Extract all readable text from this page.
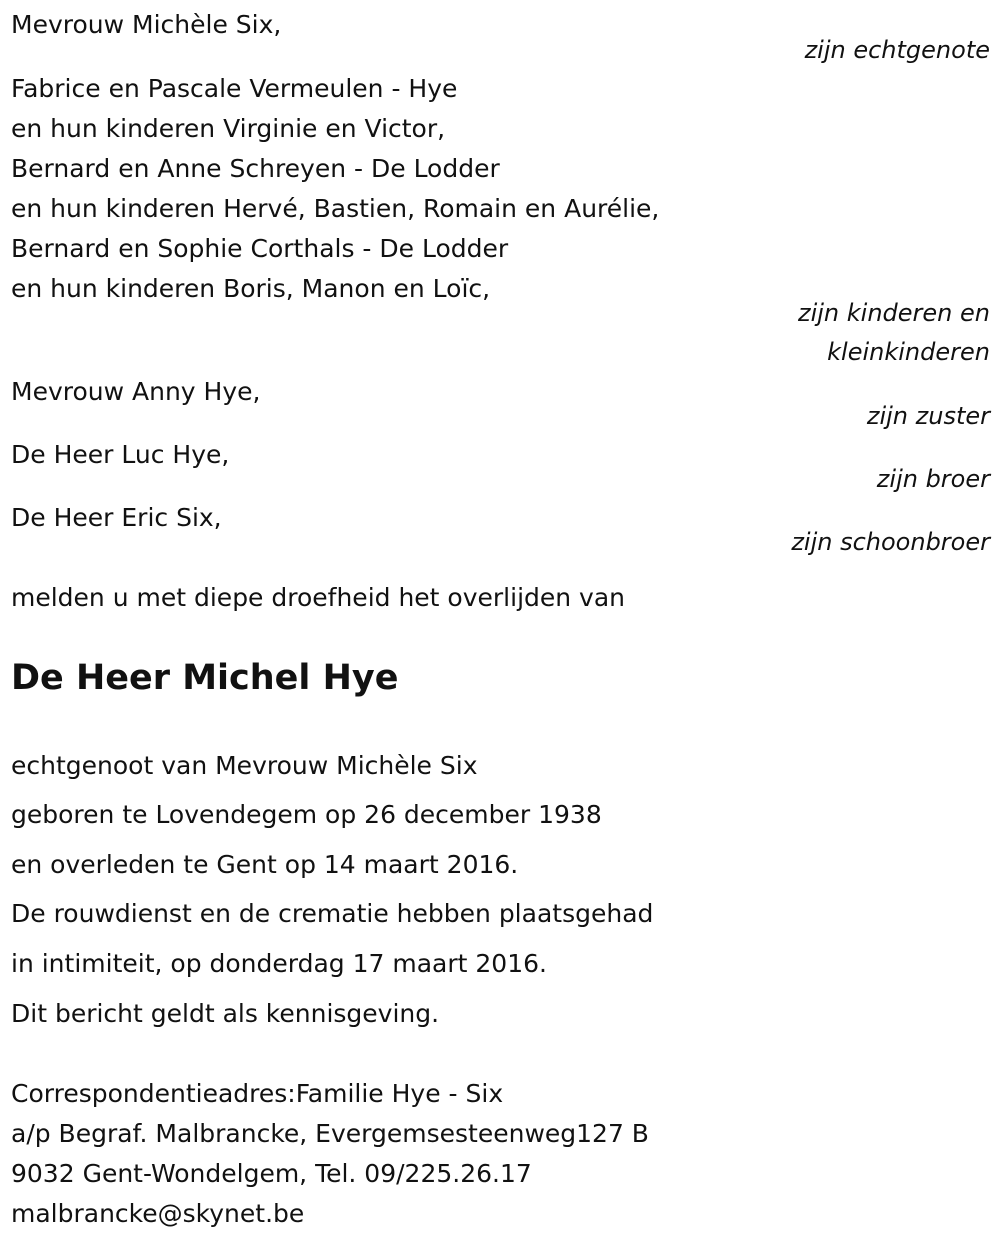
Mevrouw Michèle Six,
zijn echtgenote
Fabrice en Pascale Vermeulen - Hye
en hun kinderen Virginie en Victor,
Bernard en Anne Schreyen - De Lodder
en hun kinderen Hervé, Bastien, Romain en Aurélie,
Bernard en Sophie Corthals - De Lodder
en hun kinderen Boris, Manon en Loïc,
zijn kinderen en
kleinkinderen
Mevrouw Anny Hye,
zijn zuster
De Heer Luc Hye,
zijn broer
De Heer Eric Six,
zijn schoonbroer
melden u met diepe droefheid het overlijden van
De Heer Michel Hye
echtgenoot van Mevrouw Michèle Six
geboren te Lovendegem op 26 december 1938
en overleden te Gent op 14 maart 2016.
De rouwdienst en de crematie hebben plaatsgehad
in intimiteit, op donderdag 17 maart 2016.
Dit bericht geldt als kennisgeving.
Correspondentieadres:Familie Hye - Six
a/p Begraf. Malbrancke, Evergemsesteenweg127 B
9032 Gent-Wondelgem, Tel. 09/225.26.17
malbrancke@skynet.be
